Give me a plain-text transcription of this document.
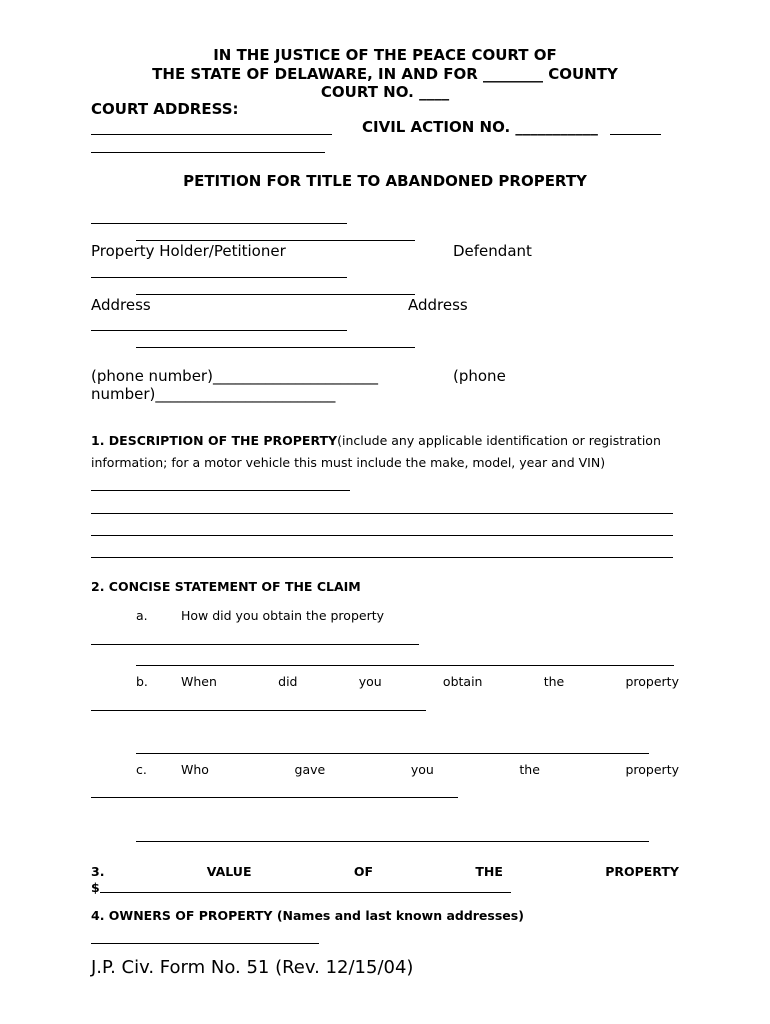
IN THE JUSTICE OF THE PEACE COURT OF
THE STATE OF DELAWARE, IN AND FOR ________ COUNTY
COURT NO. ____
COURT ADDRESS:
CIVIL ACTION NO. ___________
PETITION FOR TITLE TO ABANDONED PROPERTY
Property Holder/Petitioner	Defendant
Address	Address
(phone number)______________________	(phone
number)________________________
1. DESCRIPTION OF THE PROPERTY(include any applicable identification or registration
information; for a motor vehicle this must include the make, model, year and VIN)
2. CONCISE STATEMENT OF THE CLAIM
a.	How did you obtain the property
b.	When	did	you	obtain	the	property
c.	Who	gave	you	the	property
3.	VALUE	OF	THE	PROPERTY
$
4. OWNERS OF PROPERTY (Names and last known addresses)
J.P. Civ. Form No. 51 (Rev. 12/15/04)
